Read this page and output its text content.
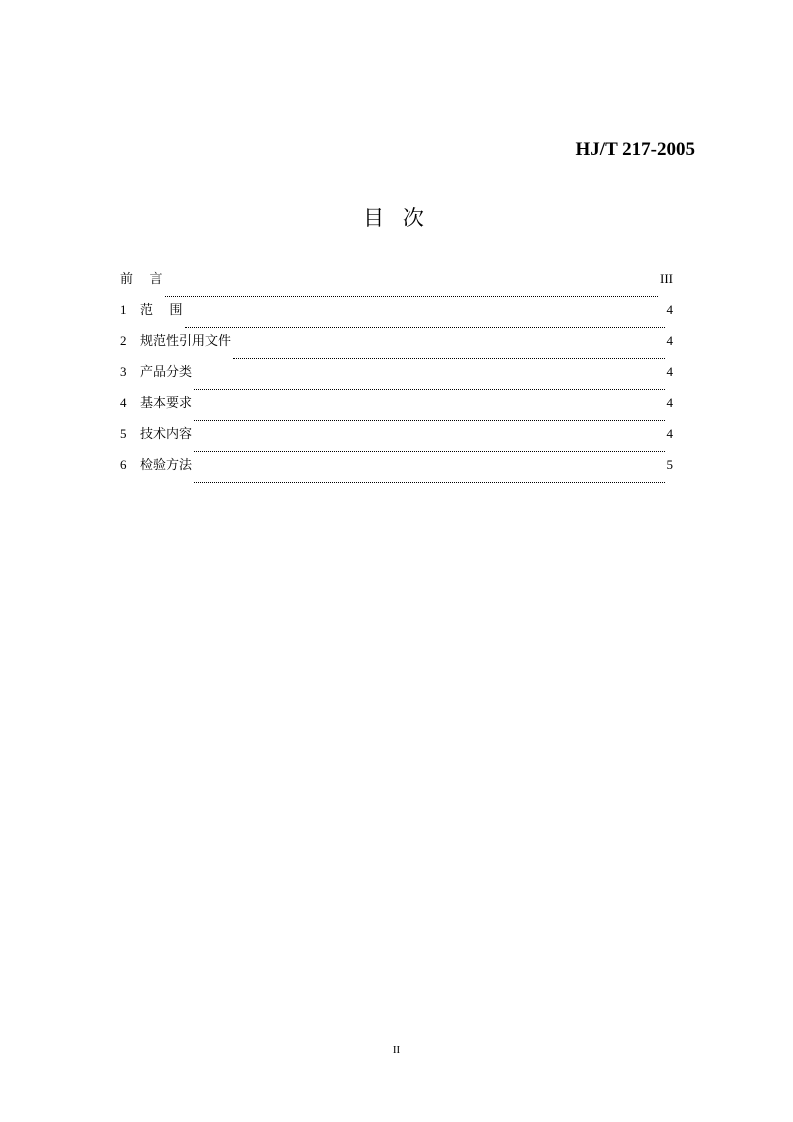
HJ/T 217-2005
目 次
前    言	III
1	范    围	4
2	规范性引用文件	4
3	产品分类	4
4	基本要求	4
5	技术内容	4
6	检验方法	5
II
